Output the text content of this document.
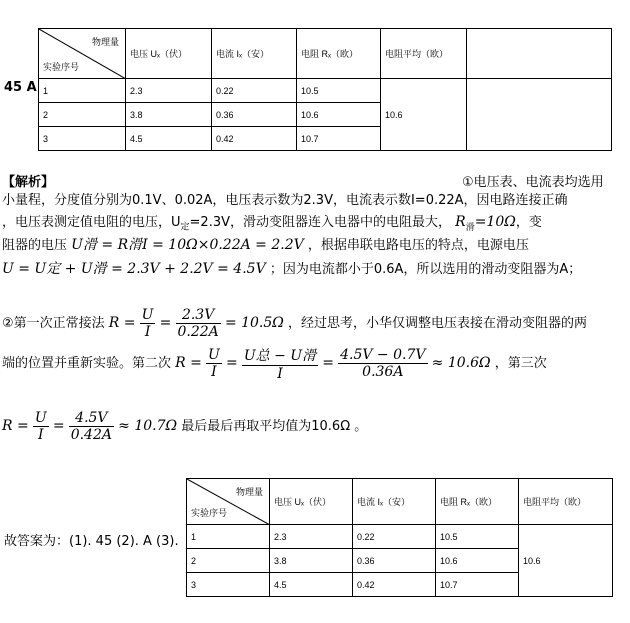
物理量
实验序号	电压 Uₓ（伏）	电流 Iₓ（安）	电阻 Rₓ（欧）	电阻平均（欧）	
1	2.3	0.22	10.5	10.6	
2	3.8	0.36	10.6		
3	4.5	0.42	10.7		
45 A
【解析】	①电压表、电流表均选用
小量程，分度值分别为0.1V、0.02A，电压表示数为2.3V，电流表示数I=0.22A，因电路连接正确
，电压表测定值电阻的电压，$U_定=2.3V$，滑动变阻器连入电器中的电阻最大， $R_滑=10\Omega$，变
阻器的电压 U滑 = R滑I = 10Ω×0.22A = 2.2V ，根据串联电路电压的特点，电源电压
U = U定 + U滑 = 2.3V + 2.2V = 4.5V ；因为电流都小于0.6A，所以选用的滑动变阻器为A；
②第一次正常接法 $R = \frac{U}{I} = \frac{2.3V}{0.22A} = 10.5\Omega$ ，经过思考，小华仅调整电压表接在滑动变阻器的两
端的位置并重新实验。第二次 $R = \frac{U}{I} = \frac{\text{U总 − U滑}}{I} = \frac{4.5V - 0.7V}{0.36A} \approx 10.6\Omega$ ，第三次
$R = \frac{U}{I} = \frac{4.5V}{0.42A} \approx 10.7\Omega$ 最后最后再取平均值为10.6Ω 。
物理量
实验序号	电压 Uₓ（伏）	电流 Iₓ（安）	电阻 Rₓ（欧）	电阻平均（欧）
1	2.3	0.22	10.5	10.6
2	3.8	0.36	10.6	
3	4.5	0.42	10.7	
故答案为：(1). 45 (2). A (3).
